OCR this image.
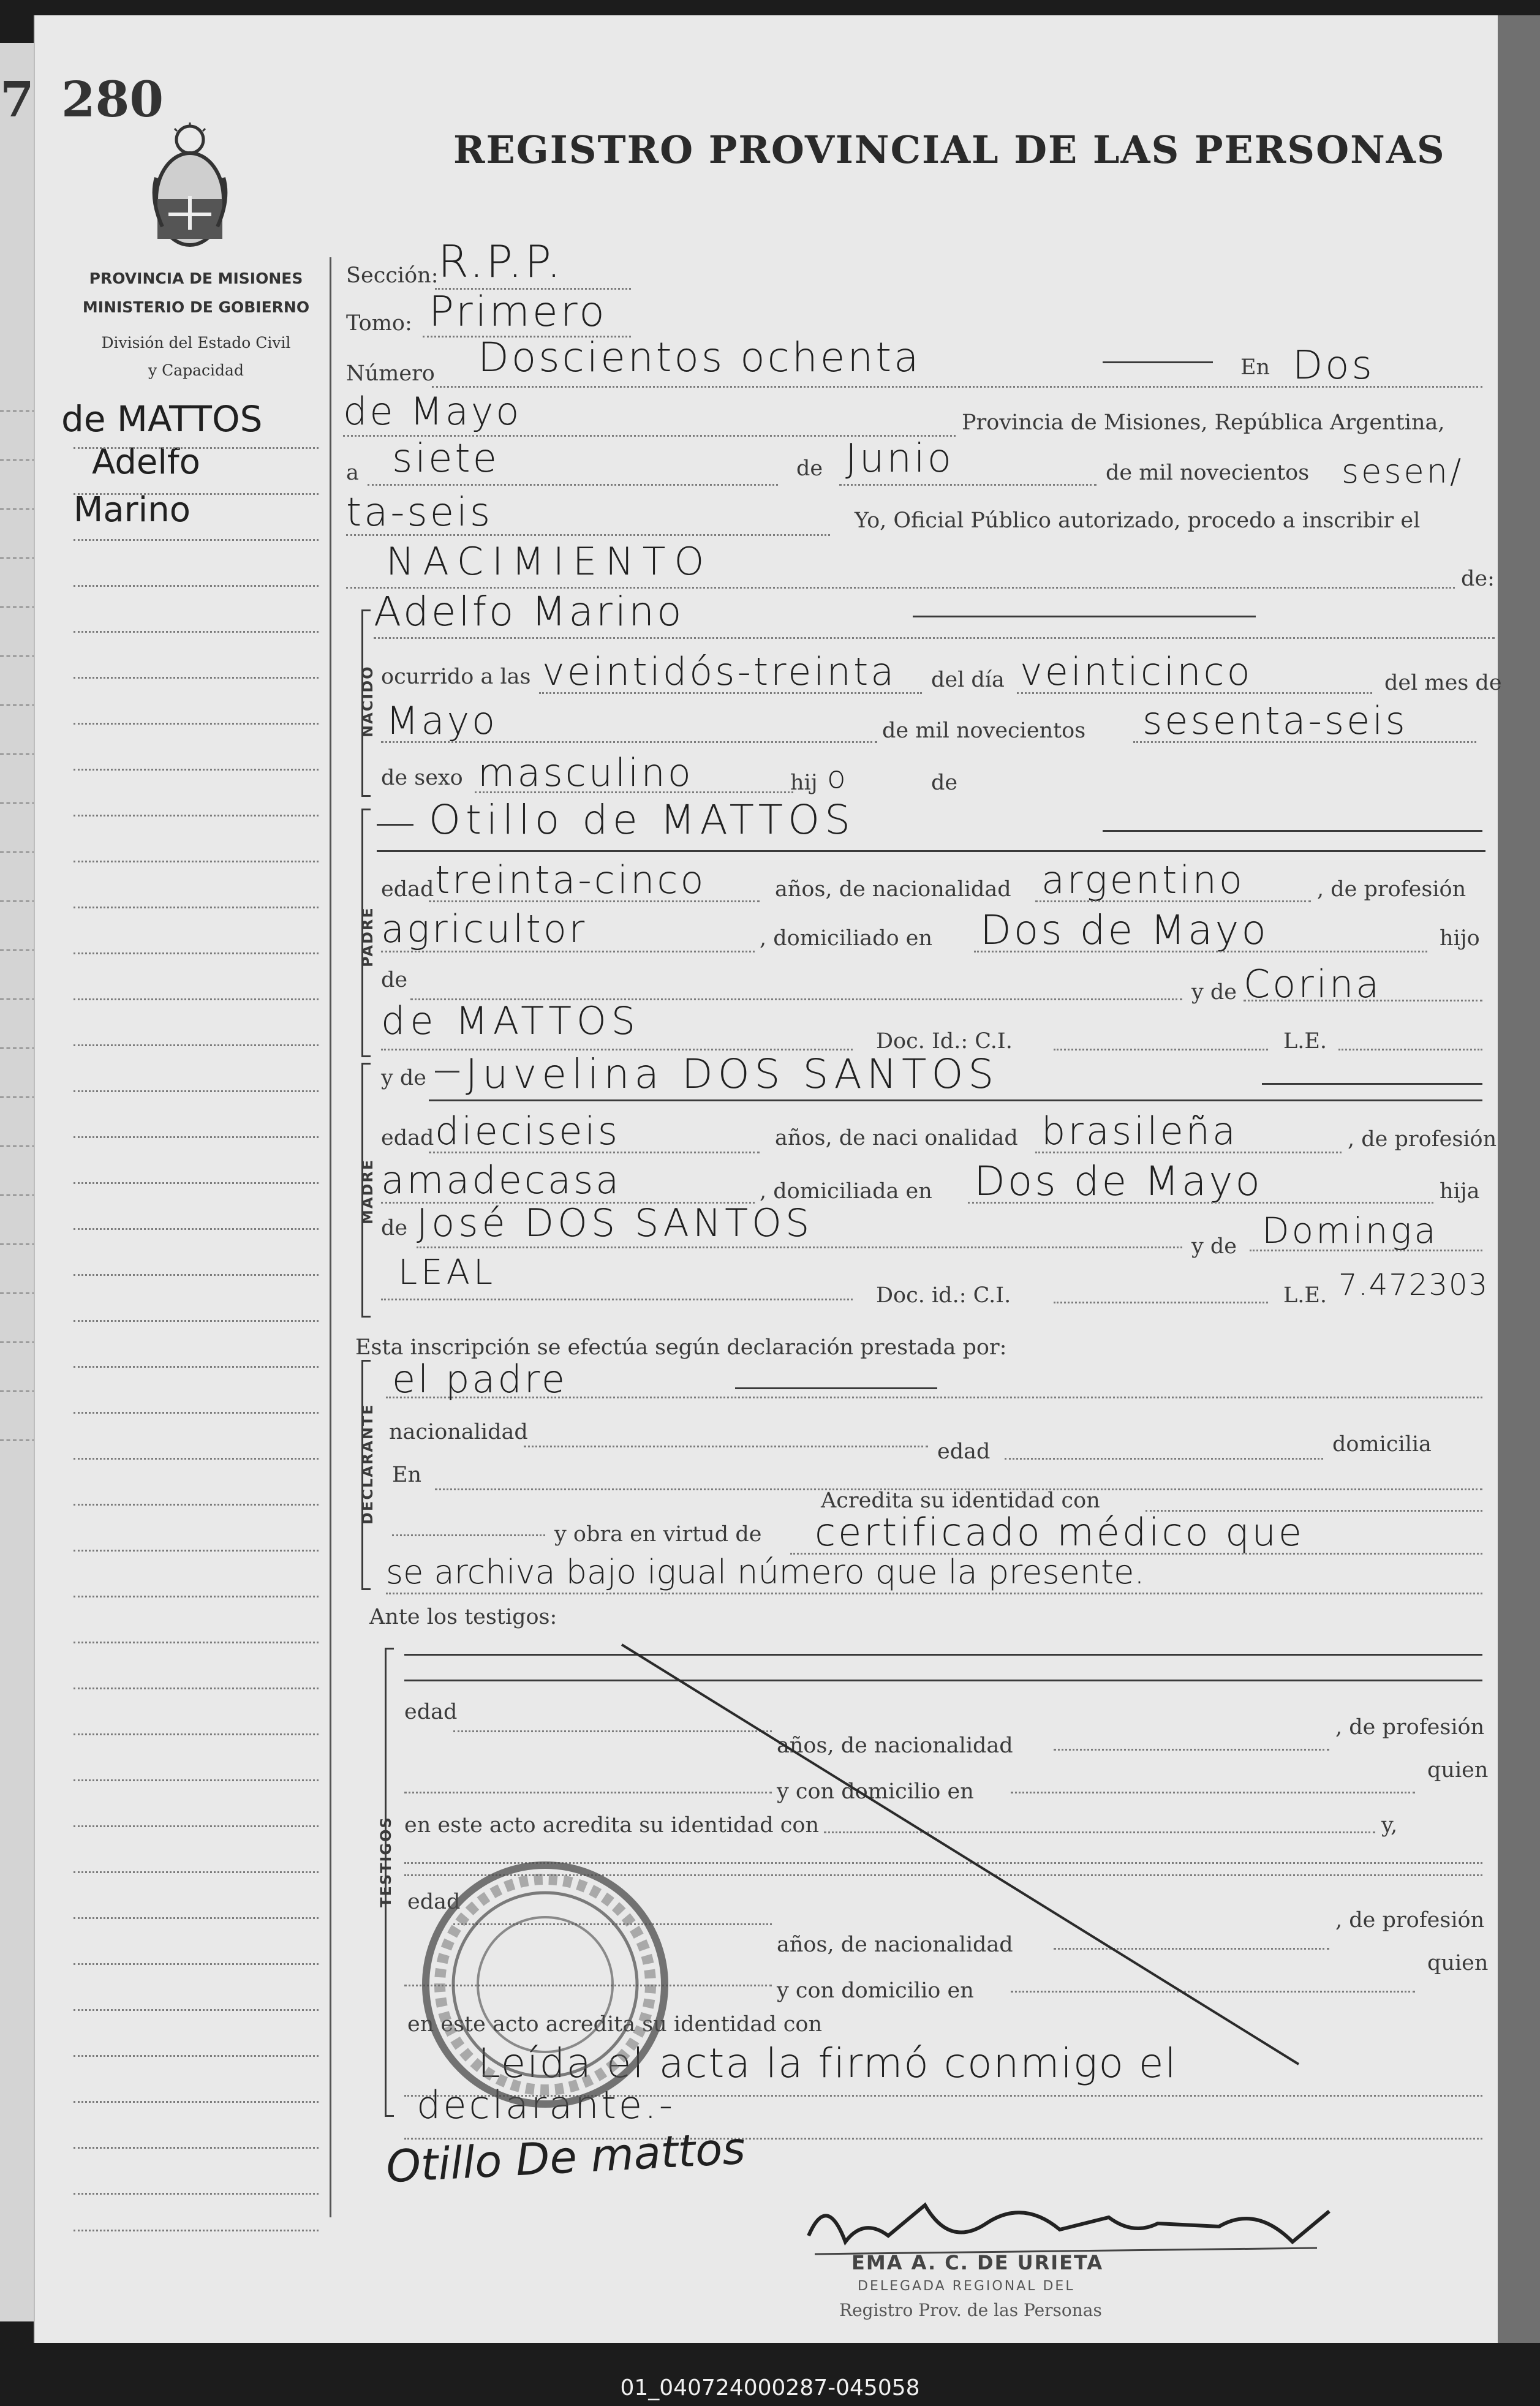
7 280
REGISTRO PROVINCIAL DE LAS PERSONAS
PROVINCIA DE MISIONES
MINISTERIO DE GOBIERNO
División del Estado Civil
y Capacidad
de MATTOS
Adelfo
Marino
Sección: R.P.P.
Tomo: Primero
Número Doscientos ochenta	En Dos
de Mayo	Provincia de Misiones, República Argentina,
a siete	de Junio	de mil novecientos sesen/
ta-seis	Yo, Oficial Público autorizado, procedo a inscribir el
NACIMIENTO	de:
NACIDO
Adelfo Marino
ocurrido a las veintidós-treinta del día veinticinco	del mes de
Mayo	de mil novecientos sesenta-seis
de sexo masculino	hij o	de
PADRE
Otillo de MATTOS
edad treinta-cinco	años, de nacionalidad argentino	, de profesión
agricultor	, domiciliado en Dos de Mayo	hijo
de	y de Corina
de MATTOS	Doc. Id.: C.I.	L.E.
MADRE
y de Juvelina DOS SANTOS
edad dieciseis	años, de naci onalidad brasileña	, de profesión
amadecasa	, domiciliada en Dos de Mayo	hija
de José DOS SANTOS
y de Dominga
LEAL
Doc. id.: C.I.	L.E. 7.472303
Esta inscripción se efectúa según declaración prestada por:
el padre
DECLARANTE nacionalidad
edad	domicilia
En
Acredita su identidad con
y obra en virtud de certificado médico que
se archiva bajo igual número que la presente.
Ante los testigos:
TESTIGOS
edad
años, de nacionalidad
, de profesión
y con domicilio en
quien
en este acto acredita su identidad con	y,
edad
años, de nacionalidad
, de profesión
y con domicilio en
quien
en este acto acredita su identidad con
Leída el acta la firmó conmigo el
declarante.-
Otillo De mattos
EMA A. C. DE URIETA
DELEGADA REGIONAL DEL
Registro Prov. de las Personas
01_040724000287-045058
